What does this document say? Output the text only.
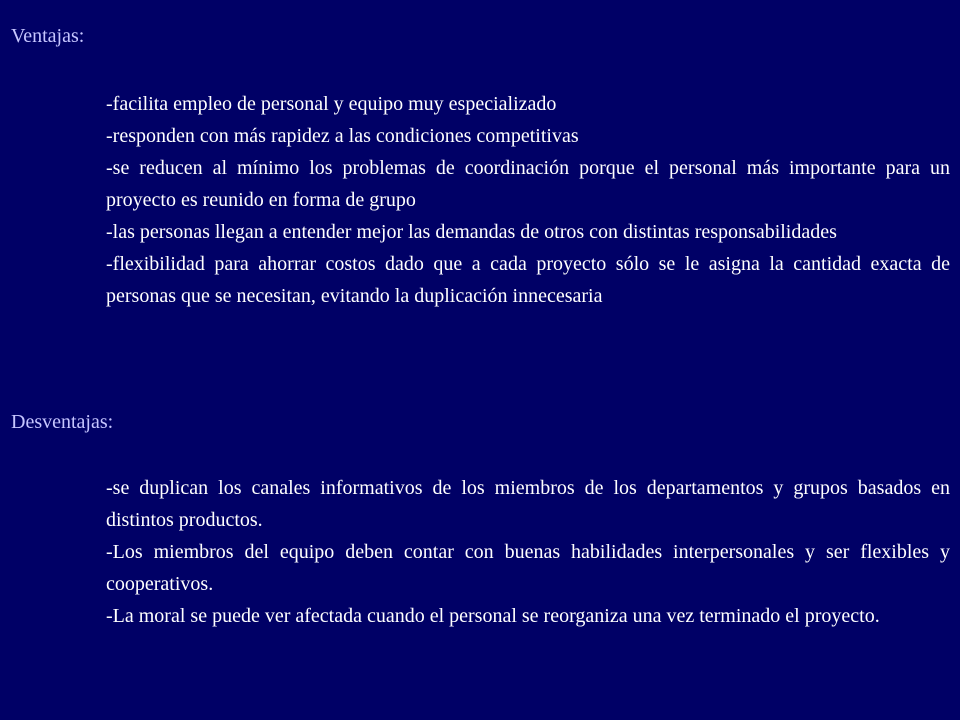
Ventajas:
-facilita empleo de personal y equipo muy especializado
-responden con más rapidez a las condiciones competitivas
-se reducen al mínimo los problemas de coordinación porque el personal más importante para un proyecto es reunido en forma de grupo
-las personas llegan a entender mejor las demandas de otros con distintas responsabilidades
-flexibilidad para ahorrar costos dado que a cada proyecto sólo se le asigna la cantidad exacta de personas que se necesitan, evitando la duplicación innecesaria
Desventajas:
-se duplican los canales informativos de los miembros de los departamentos y grupos basados en distintos productos.
-Los miembros del equipo deben contar con buenas habilidades interpersonales y ser flexibles y cooperativos.
-La moral se puede ver afectada cuando el personal se reorganiza una vez terminado el proyecto.
